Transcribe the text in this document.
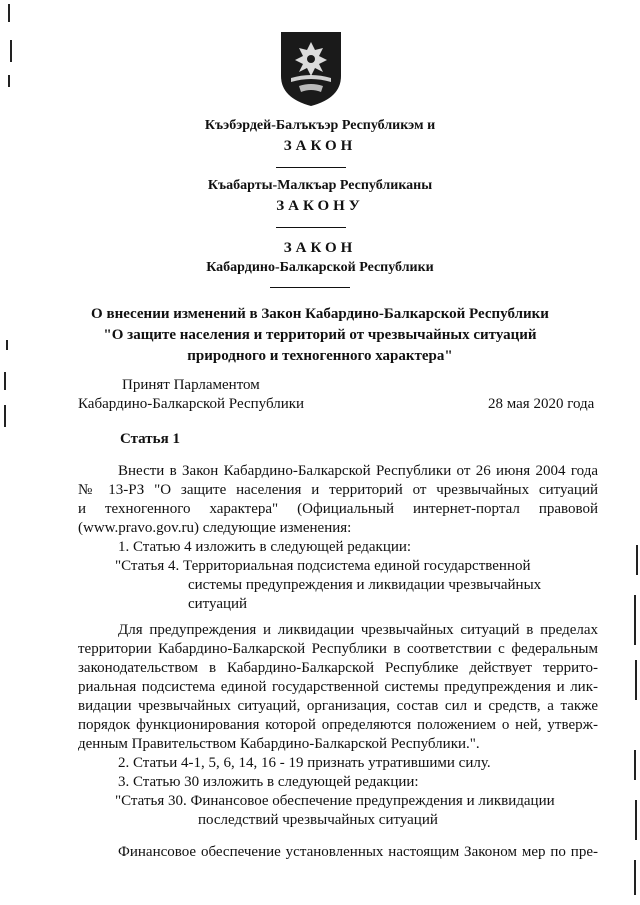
Къэбэрдей-Балъкъэр Республикэм и
ЗАКОН
Къабарты-Малкъар Республиканы
ЗАКОНУ
ЗАКОН
Кабардино-Балкарской Республики
О внесении изменений в Закон Кабардино-Балкарской Республики
"О защите населения и территорий от чрезвычайных ситуаций
природного и техногенного характера"
Принят Парламентом
Кабардино-Балкарской Республики	28 мая 2020 года
Статья 1
Внести в Закон Кабардино-Балкарской Республики от 26 июня 2004 года
№ 13-РЗ "О защите населения и территорий от чрезвычайных ситуаций
и техногенного характера" (Официальный интернет-портал правовой
(www.pravo.gov.ru) следующие изменения:
1. Статью 4 изложить в следующей редакции:
"Статья 4. Территориальная подсистема единой государственной
системы предупреждения и ликвидации чрезвычайных
ситуаций
Для предупреждения и ликвидации чрезвычайных ситуаций в пределах
территории Кабардино-Балкарской Республики в соответствии с федеральным
законодательством в Кабардино-Балкарской Республике действует террито-
риальная подсистема единой государственной системы предупреждения и лик-
видации чрезвычайных ситуаций, организация, состав сил и средств, а также
порядок функционирования которой определяются положением о ней, утверж-
денным Правительством Кабардино-Балкарской Республики.".
2. Статьи 4-1, 5, 6, 14, 16 - 19 признать утратившими силу.
3. Статью 30 изложить в следующей редакции:
"Статья 30. Финансовое обеспечение предупреждения и ликвидации
последствий чрезвычайных ситуаций
Финансовое обеспечение установленных настоящим Законом мер по пре-
